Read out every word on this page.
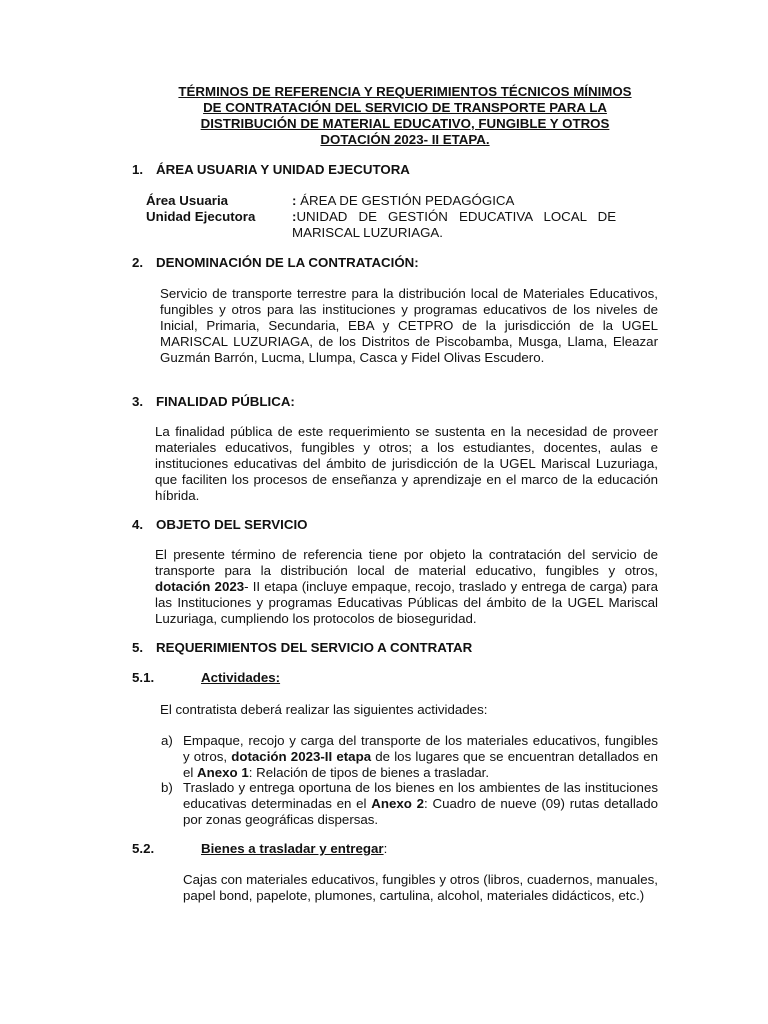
TÉRMINOS DE REFERENCIA Y REQUERIMIENTOS TÉCNICOS MÍNIMOS
DE CONTRATACIÓN DEL SERVICIO DE TRANSPORTE PARA LA
DISTRIBUCIÓN DE MATERIAL EDUCATIVO, FUNGIBLE Y OTROS
DOTACIÓN 2023- II ETAPA.
1. ÁREA USUARIA Y UNIDAD EJECUTORA
Área Usuaria	: ÁREA DE GESTIÓN PEDAGÓGICA
Unidad Ejecutora	:UNIDAD   DE   GESTIÓN   EDUCATIVA   LOCAL   DE
MARISCAL LUZURIAGA.
2. DENOMINACIÓN DE LA CONTRATACIÓN:
Servicio de transporte terrestre para la distribución local de Materiales Educativos, fungibles y otros para las instituciones y programas educativos de los niveles de Inicial, Primaria, Secundaria, EBA y CETPRO de la jurisdicción de la UGEL MARISCAL LUZURIAGA, de los Distritos de Piscobamba, Musga, Llama, Eleazar Guzmán Barrón, Lucma, Llumpa, Casca y Fidel Olivas Escudero.
3. FINALIDAD PÚBLICA:
La finalidad pública de este requerimiento se sustenta en la necesidad de proveer materiales educativos, fungibles y otros; a los estudiantes, docentes, aulas e instituciones educativas del ámbito de jurisdicción de la UGEL Mariscal Luzuriaga, que faciliten los procesos de enseñanza y aprendizaje en el marco de la educación híbrida.
4. OBJETO DEL SERVICIO
El presente término de referencia tiene por objeto la contratación del servicio de transporte para la distribución local de material educativo, fungibles y otros, dotación 2023- II etapa (incluye empaque, recojo, traslado y entrega de carga) para las Instituciones y programas Educativas Públicas del ámbito de la UGEL Mariscal Luzuriaga, cumpliendo los protocolos de bioseguridad.
5. REQUERIMIENTOS DEL SERVICIO A CONTRATAR
5.1.	Actividades:
El contratista deberá realizar las siguientes actividades:
a) Empaque, recojo y carga del transporte de los materiales educativos, fungibles y otros, dotación 2023-II etapa de los lugares que se encuentran detallados en el Anexo 1: Relación de tipos de bienes a trasladar.
b) Traslado y entrega oportuna de los bienes en los ambientes de las instituciones educativas determinadas en el Anexo 2: Cuadro de nueve (09) rutas detallado por zonas geográficas dispersas.
5.2.	Bienes a trasladar y entregar:
Cajas con materiales educativos, fungibles y otros (libros, cuadernos, manuales, papel bond, papelote, plumones, cartulina, alcohol, materiales didácticos, etc.)
